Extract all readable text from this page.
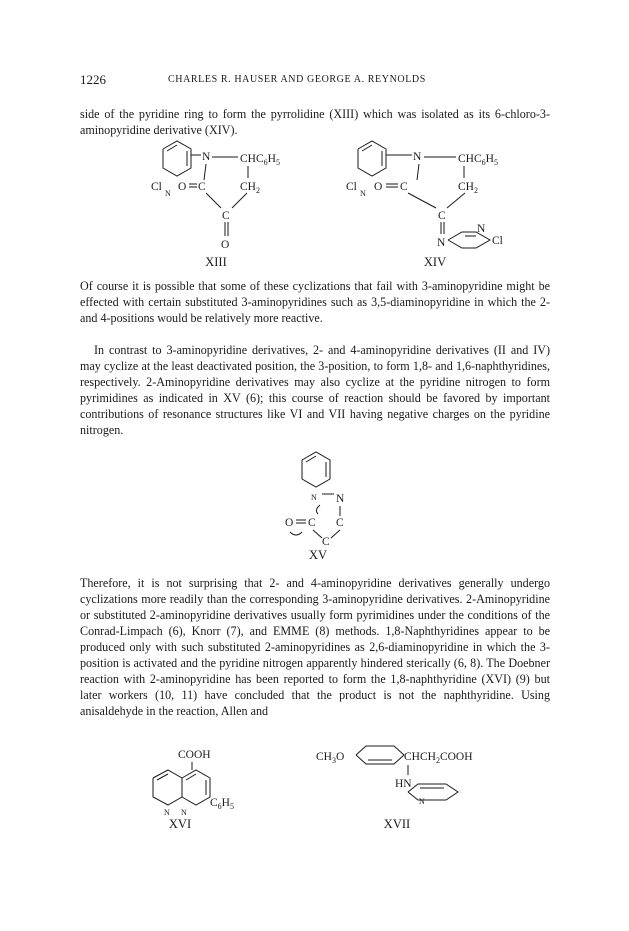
1226	CHARLES R. HAUSER AND GEORGE A. REYNOLDS

side of the pyridine ring to form the pyrrolidine (XIII) which was isolated as its 6-chloro-3-aminopyridine derivative (XIV).

Cl
N
N	$CHC_6H_5$
O C	$CH_2$
C
O
XIII
Cl
N
N	$CHC_6H_5$
O C	$CH_2$
C
N
N
Cl
XIV

Of course it is possible that some of these cyclizations that fail with 3-aminopyridine might be effected with certain substituted 3-aminopyridines such as 3,5-diaminopyridine in which the 2- and 4-positions would be relatively more reactive.

In contrast to 3-aminopyridine derivatives, 2- and 4-aminopyridine derivatives (II and IV) may cyclize at the least deactivated position, the 3-position, to form 1,8- and 1,6-naphthyridines, respectively. 2-Aminopyridine derivatives may also cyclize at the pyridine nitrogen to form pyrimidines as indicated in XV (6); this course of reaction should be favored by important contributions of resonance structures like VI and VII having negative charges on the pyridine nitrogen.

N N
O C C
C
XV

Therefore, it is not surprising that 2- and 4-aminopyridine derivatives generally undergo cyclizations more readily than the corresponding 3-aminopyridine derivatives. 2-Aminopyridine or substituted 2-aminopyridine derivatives usually form pyrimidines under the conditions of the Conrad-Limpach (6), Knorr (7), and EMME (8) methods. 1,8-Naphthyridines appear to be produced only with such substituted 2-aminopyridines as 2,6-diaminopyridine in which the 3-position is activated and the pyridine nitrogen apparently hindered sterically (6, 8). The Doebner reaction with 2-aminopyridine has been reported to form the 1,8-naphthyridine (XVI) (9) but later workers (10, 11) have concluded that the product is not the naphthyridine. Using anisaldehyde in the reaction, Allen and

COOH
N N
$C_6H_5$
XVI
$CH_3O$	$CHCH_2COOH$
HN
N
XVII
